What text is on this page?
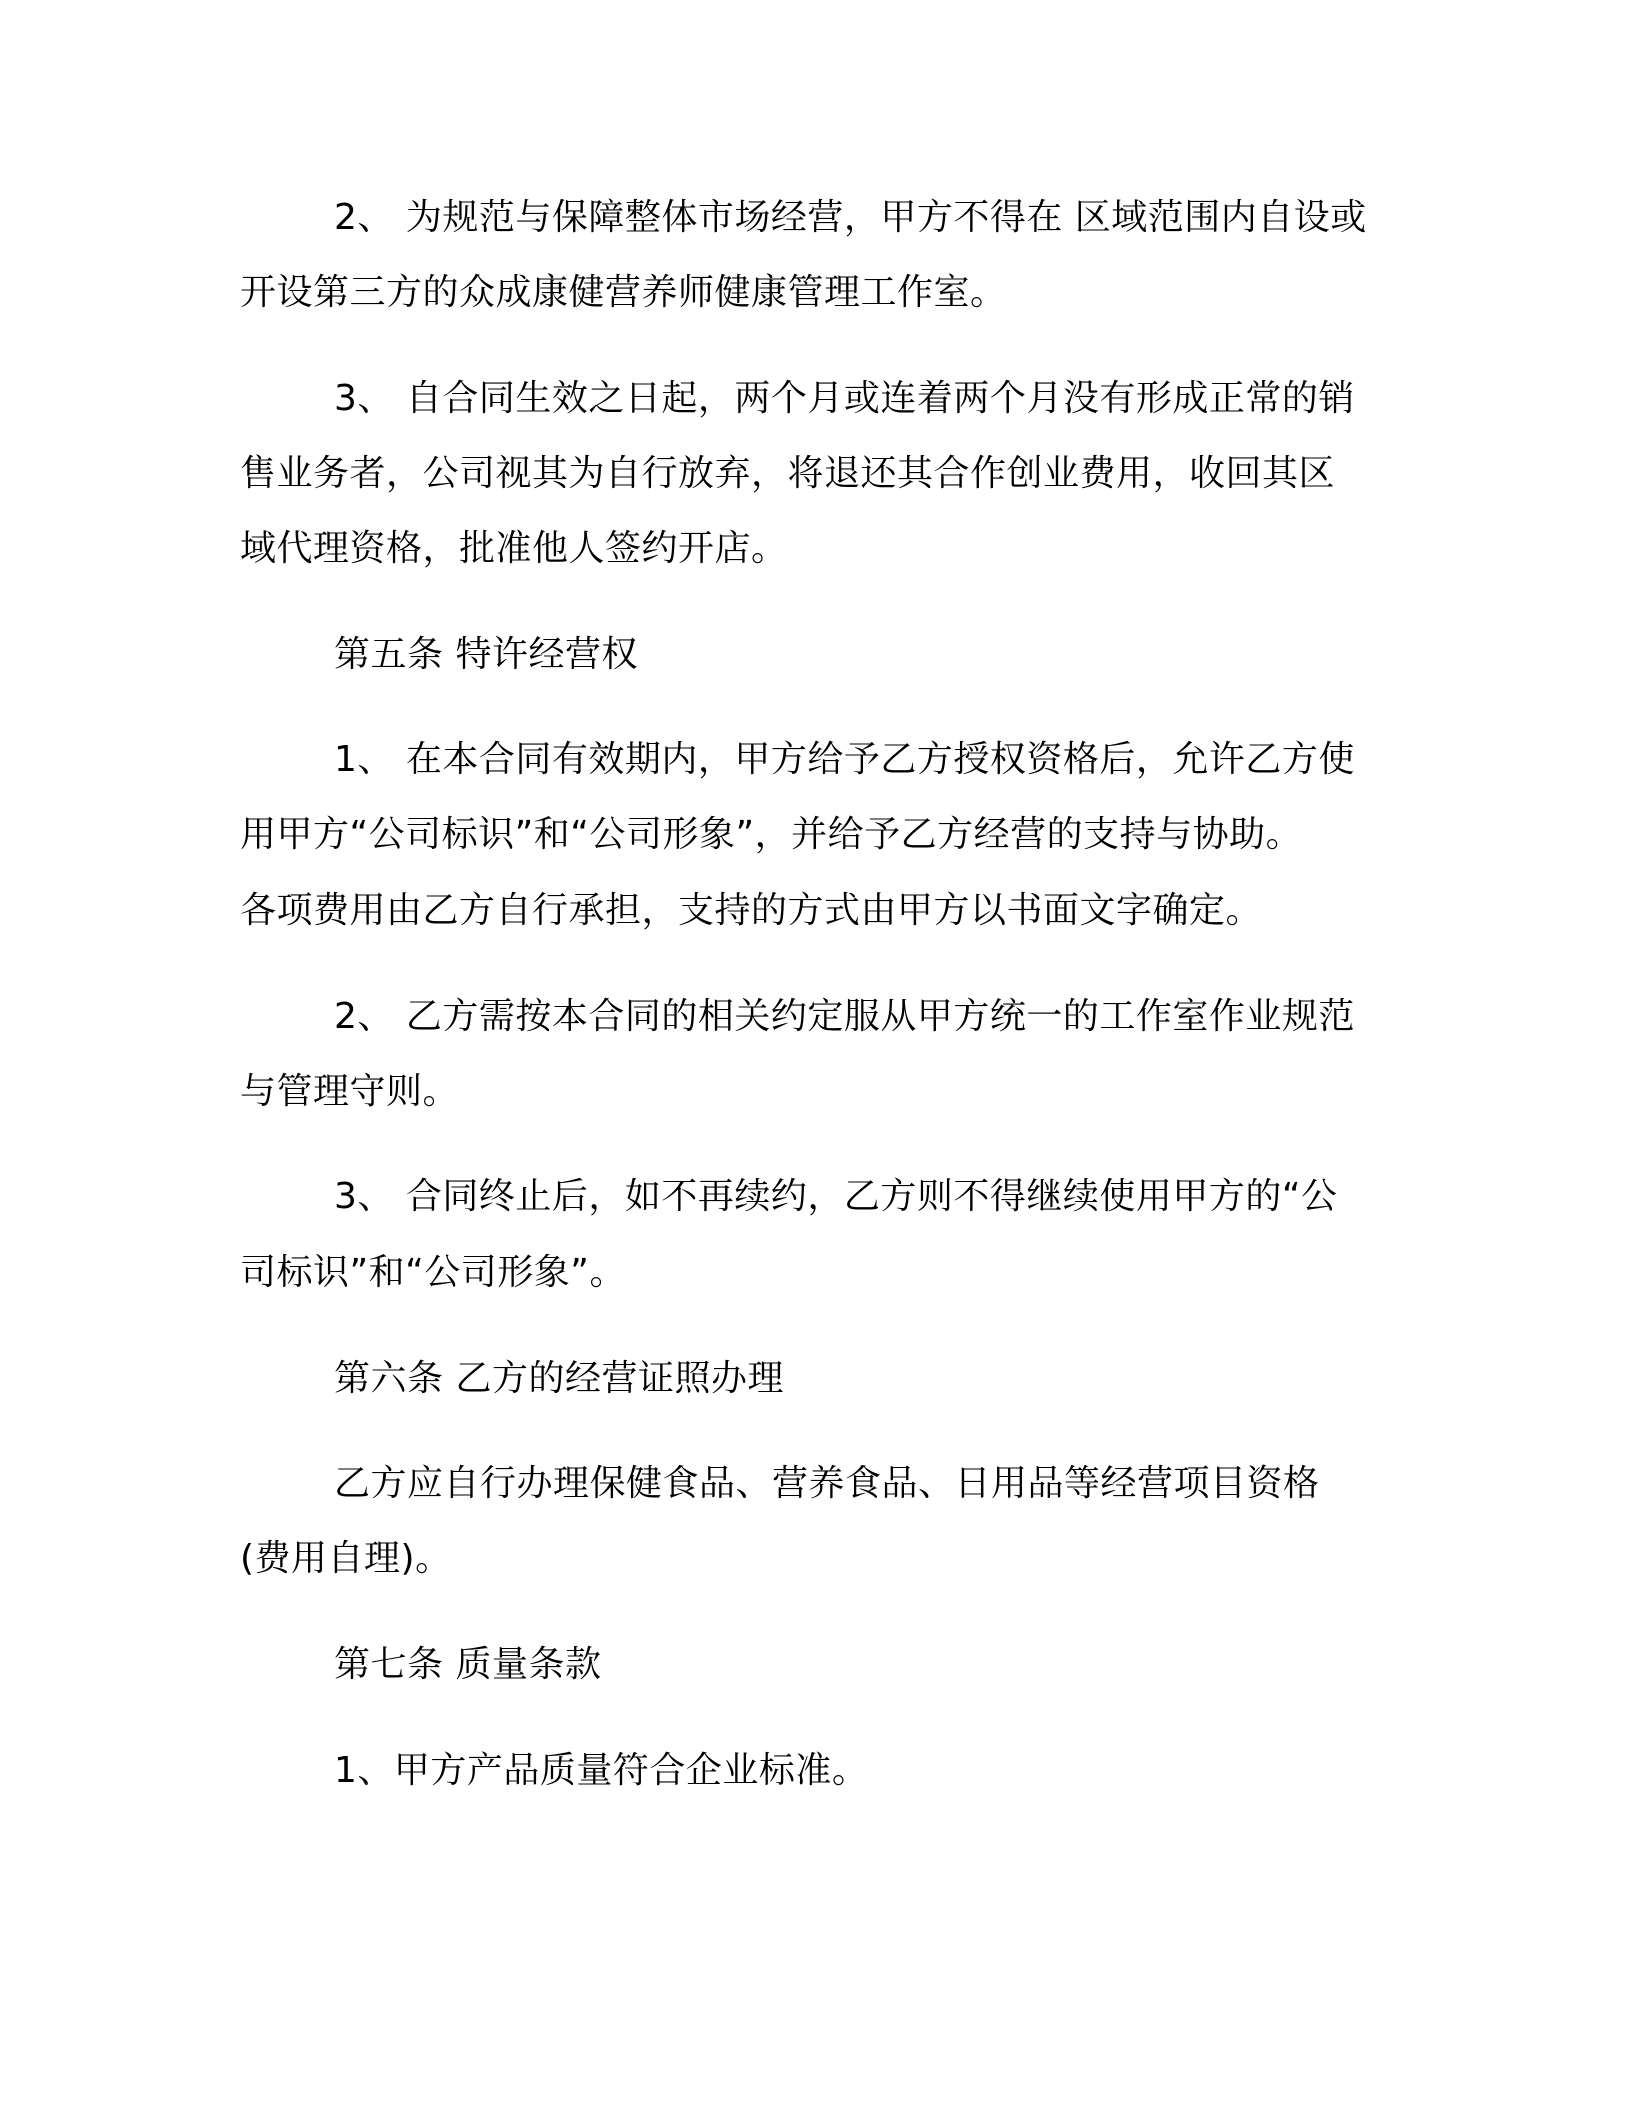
2、 为规范与保障整体市场经营，甲方不得在 区域范围内自设或
开设第三方的众成康健营养师健康管理工作室。
3、 自合同生效之日起，两个月或连着两个月没有形成正常的销
售业务者，公司视其为自行放弃，将退还其合作创业费用，收回其区
域代理资格，批准他人签约开店。
第五条 特许经营权
1、 在本合同有效期内，甲方给予乙方授权资格后，允许乙方使
用甲方“公司标识”和“公司形象”，并给予乙方经营的支持与协助。
各项费用由乙方自行承担，支持的方式由甲方以书面文字确定。
2、 乙方需按本合同的相关约定服从甲方统一的工作室作业规范
与管理守则。
3、 合同终止后，如不再续约，乙方则不得继续使用甲方的“公
司标识”和“公司形象”。
第六条 乙方的经营证照办理
乙方应自行办理保健食品、营养食品、日用品等经营项目资格
(费用自理)。
第七条 质量条款
1、甲方产品质量符合企业标准。
